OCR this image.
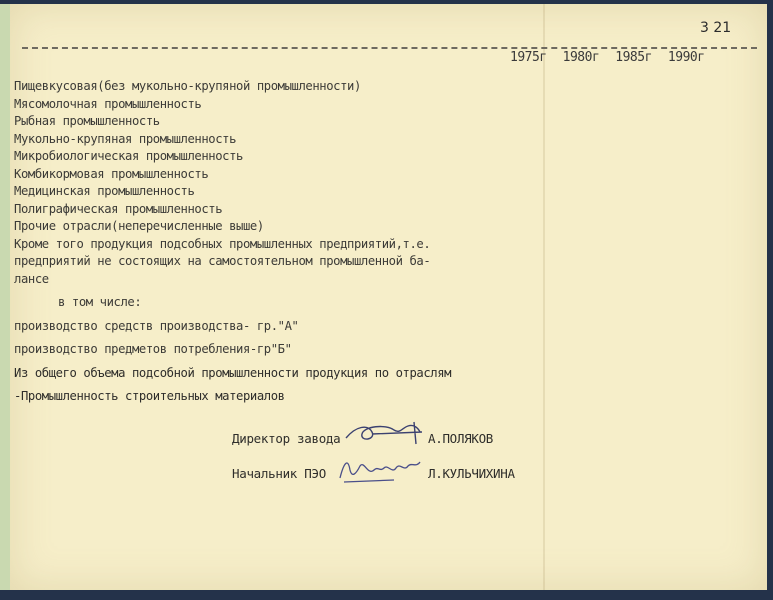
3 21
1975г 1980г 1985г 1990г
Пищевкусовая(без мукольно-крупяной промышленности)
Мясомолочная промышленность
Рыбная промышленность
Мукольно-крупяная промышленность
Микробиологическая промышленность
Комбикормовая промышленность
Медицинская промышленность
Полиграфическая промышленность
Прочие отрасли(неперечисленные выше)
Кроме того продукция подсобных промышленных предприятий,т.е.
предприятий не состоящих на самостоятельном промышленной ба-
лансе
в том числе:
производство средств производства- гр."А"
производство предметов потребления-гр"Б"
Из общего объема подсобной промышленности продукция по отраслям
-Промышленность строительных материалов
Директор завода	А.ПОЛЯКОВ
Начальник ПЭО	Л.КУЛЬЧИХИНА
